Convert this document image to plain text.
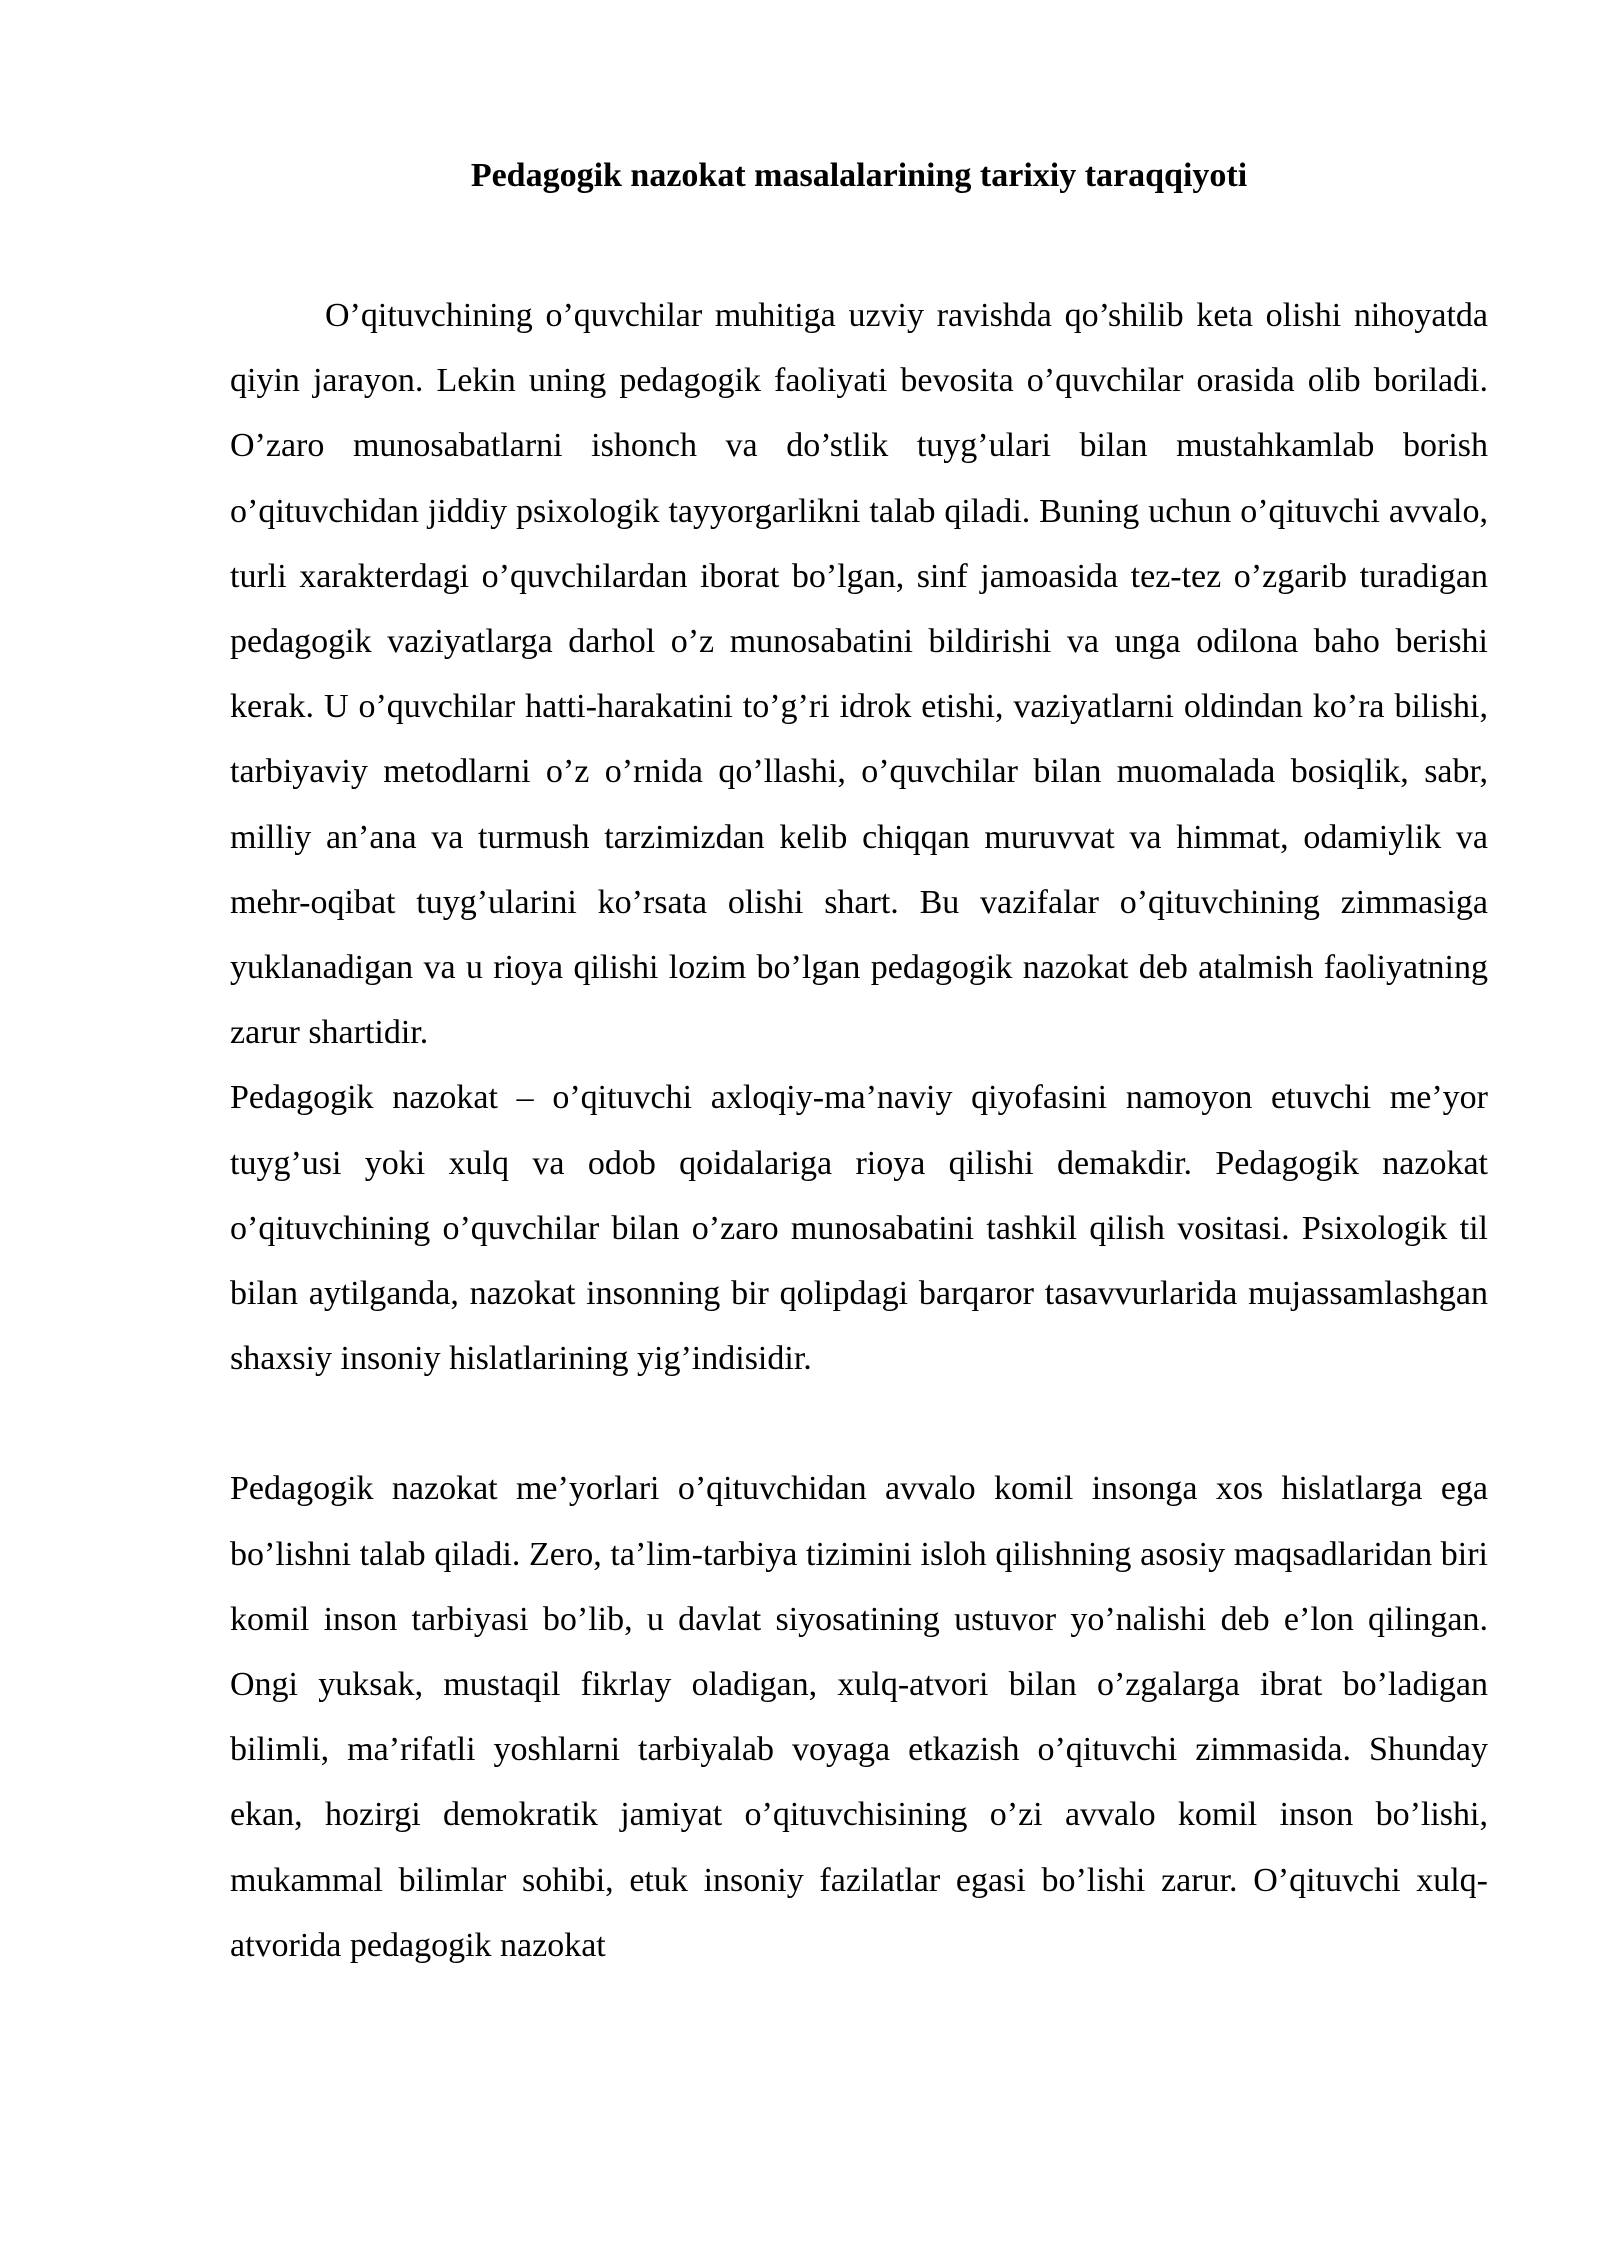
Pedagogik nazokat masalalarining tarixiy taraqqiyoti

O’qituvchining o’quvchilar muhitiga uzviy ravishda qo’shilib keta olishi nihoyatda qiyin jarayon. Lekin uning pedagogik faoliyati bevosita o’quvchilar orasida olib boriladi. O’zaro munosabatlarni ishonch va do’stlik tuyg’ulari bilan mustahkamlab borish o’qituvchidan jiddiy psixologik tayyorgarlikni talab qiladi. Buning uchun o’qituvchi avvalo, turli xarakterdagi o’quvchilardan iborat bo’lgan, sinf jamoasida tez-tez o’zgarib turadigan pedagogik vaziyatlarga darhol o’z munosabatini bildirishi va unga odilona baho berishi kerak. U o’quvchilar hatti-harakatini to’g’ri idrok etishi, vaziyatlarni oldindan ko’ra bilishi, tarbiyaviy metodlarni o’z o’rnida qo’llashi, o’quvchilar bilan muomalada bosiqlik, sabr, milliy an’ana va turmush tarzimizdan kelib chiqqan muruvvat va himmat, odamiylik va mehr-oqibat tuyg’ularini ko’rsata olishi shart. Bu vazifalar o’qituvchining zimmasiga yuklanadigan va u rioya qilishi lozim bo’lgan pedagogik nazokat deb atalmish faoliyatning zarur shartidir.

Pedagogik nazokat – o’qituvchi axloqiy-ma’naviy qiyofasini namoyon etuvchi me’yor tuyg’usi yoki xulq va odob qoidalariga rioya qilishi demakdir. Pedagogik nazokat o’qituvchining o’quvchilar bilan o’zaro munosabatini tashkil qilish vositasi. Psixologik til bilan aytilganda, nazokat insonning bir qolipdagi barqaror tasavvurlarida mujassamlashgan shaxsiy insoniy hislatlarining yig’indisidir.

Pedagogik nazokat me’yorlari o’qituvchidan avvalo komil insonga xos hislatlarga ega bo’lishni talab qiladi. Zero, ta’lim-tarbiya tizimini isloh qilishning asosiy maqsadlaridan biri komil inson tarbiyasi bo’lib, u davlat siyosatining ustuvor yo’nalishi deb e’lon qilingan. Ongi yuksak, mustaqil fikrlay oladigan, xulq-atvori bilan o’zgalarga ibrat bo’ladigan bilimli, ma’rifatli yoshlarni tarbiyalab voyaga etkazish o’qituvchi zimmasida. Shunday ekan, hozirgi demokratik jamiyat o’qituvchisining o’zi avvalo komil inson bo’lishi, mukammal bilimlar sohibi, etuk insoniy fazilatlar egasi bo’lishi zarur. O’qituvchi xulq-atvorida pedagogik nazokat
